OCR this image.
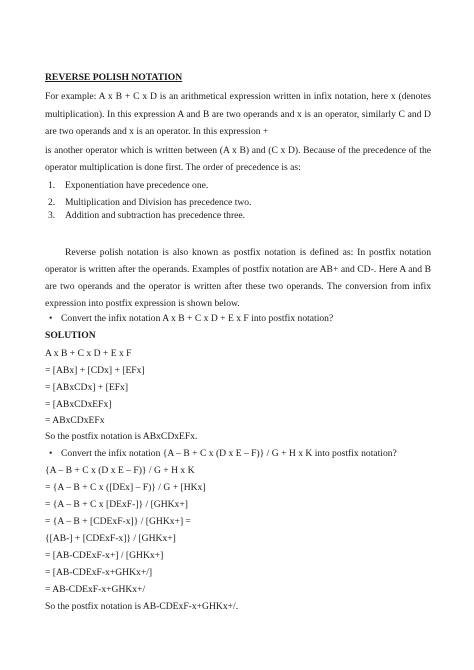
REVERSE POLISH NOTATION
For example: A x B + C x D is an arithmetical expression written in infix notation, here x (denotes
multiplication). In this expression A and B are two operands and x is an operator, similarly C and D
are two operands and x is an operator. In this expression +
is another operator which is written between (A x B) and (C x D). Because of the precedence of the
operator multiplication is done first. The order of precedence is as:
1. Exponentiation have precedence one.
2. Multiplication and Division has precedence two.
3. Addition and subtraction has precedence three.
Reverse polish notation is also known as postfix notation is defined as: In postfix notation
operator is written after the operands. Examples of postfix notation are AB+ and CD-. Here A and B
are two operands and the operator is written after these two operands. The conversion from infix
expression into postfix expression is shown below.
• Convert the infix notation A x B + C x D + E x F into postfix notation?
SOLUTION
A x B + C x D + E x F
= [ABx] + [CDx] + [EFx]
= [ABxCDx] + [EFx]
= [ABxCDxEFx]
= ABxCDxEFx
So the postfix notation is ABxCDxEFx.
• Convert the infix notation {A – B + C x (D x E – F)} / G + H x K into postfix notation?
{A – B + C x (D x E – F)} / G + H x K
= {A – B + C x ([DEx] – F)} / G + [HKx]
= {A – B + C x [DExF-]} / [GHKx+]
= {A – B + [CDExF-x]} / [GHKx+] =
{[AB-] + [CDExF-x]} / [GHKx+]
= [AB-CDExF-x+] / [GHKx+]
= [AB-CDExF-x+GHKx+/]
= AB-CDExF-x+GHKx+/
So the postfix notation is AB-CDExF-x+GHKx+/.
